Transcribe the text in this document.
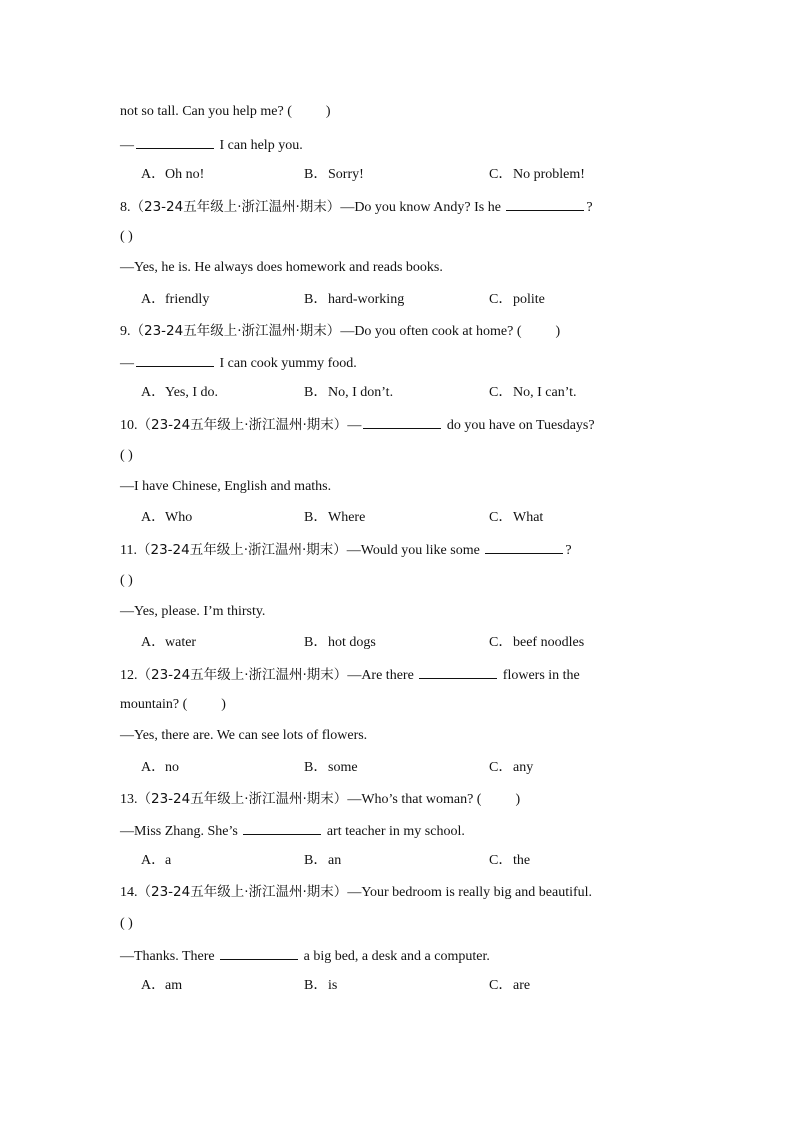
not so tall. Can you help me? ( )
—	I can help you.
A．Oh no!	B．Sorry!	C．No problem!
8.（23-24五年级上·浙江温州·期末）—Do you know Andy? Is he	?
( )
—Yes, he is. He always does homework and reads books.
A．friendly	B．hard-working	C．polite
9.（23-24五年级上·浙江温州·期末）—Do you often cook at home? ( )
—	I can cook yummy food.
A．Yes, I do.	B．No, I don’t.	C．No, I can’t.
10.（23-24五年级上·浙江温州·期末）—	do you have on Tuesdays?
( )
—I have Chinese, English and maths.
A．Who	B．Where	C．What
11.（23-24五年级上·浙江温州·期末）—Would you like some	?
( )
—Yes, please. I’m thirsty.
A．water	B．hot dogs	C．beef noodles
12.（23-24五年级上·浙江温州·期末）—Are there	flowers in the
mountain? ( )
—Yes, there are. We can see lots of flowers.
A．no	B．some	C．any
13.（23-24五年级上·浙江温州·期末）—Who’s that woman? ( )
—Miss Zhang. She’s	art teacher in my school.
A．a	B．an	C．the
14.（23-24五年级上·浙江温州·期末）—Your bedroom is really big and beautiful.
( )
—Thanks. There	a big bed, a desk and a computer.
A．am	B．is	C．are
